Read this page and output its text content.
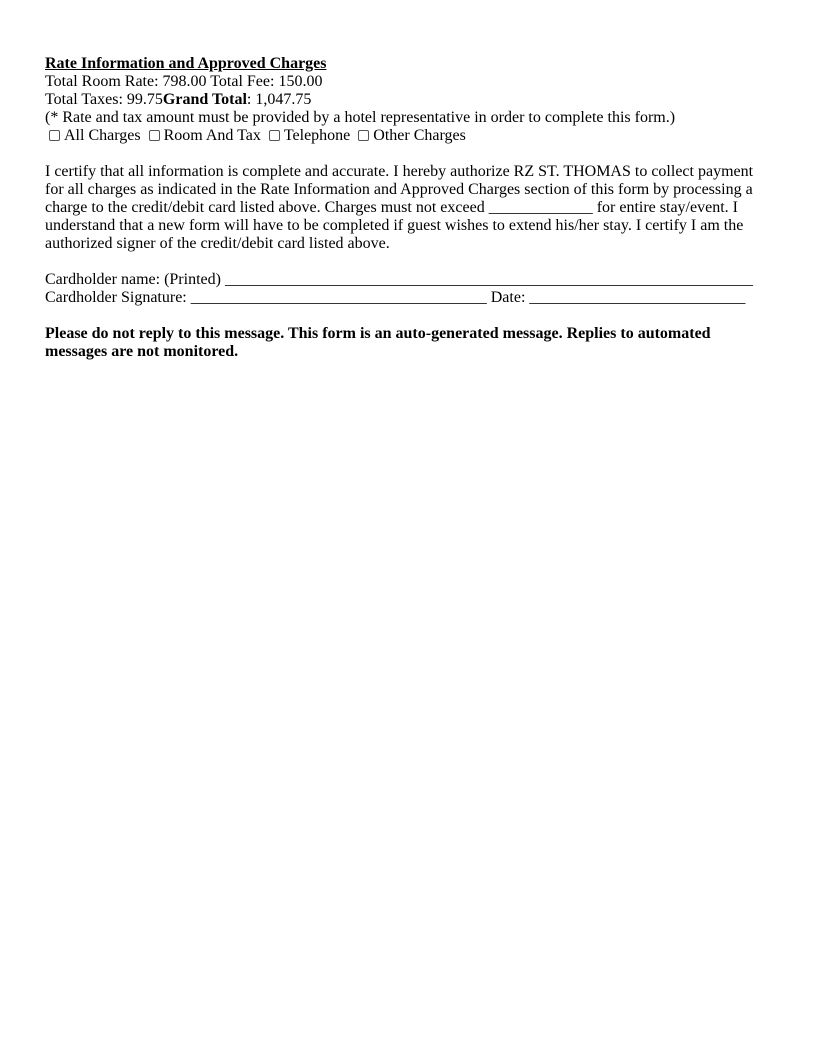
Rate Information and Approved Charges
Total Room Rate: 798.00 Total Fee: 150.00
Total Taxes: 99.75Grand Total: 1,047.75
(* Rate and tax amount must be provided by a hotel representative in order to complete this form.)
All Charges Room And Tax Telephone Other Charges
I certify that all information is complete and accurate. I hereby authorize RZ ST. THOMAS to collect payment for all charges as indicated in the Rate Information and Approved Charges section of this form by processing a charge to the credit/debit card listed above. Charges must not exceed _____________ for entire stay/event. I understand that a new form will have to be completed if guest wishes to extend his/her stay. I certify I am the authorized signer of the credit/debit card listed above.
Cardholder name: (Printed) __________________________________________________________________
Cardholder Signature: _____________________________________ Date: ___________________________
Please do not reply to this message. This form is an auto-generated message. Replies to automated messages are not monitored.
